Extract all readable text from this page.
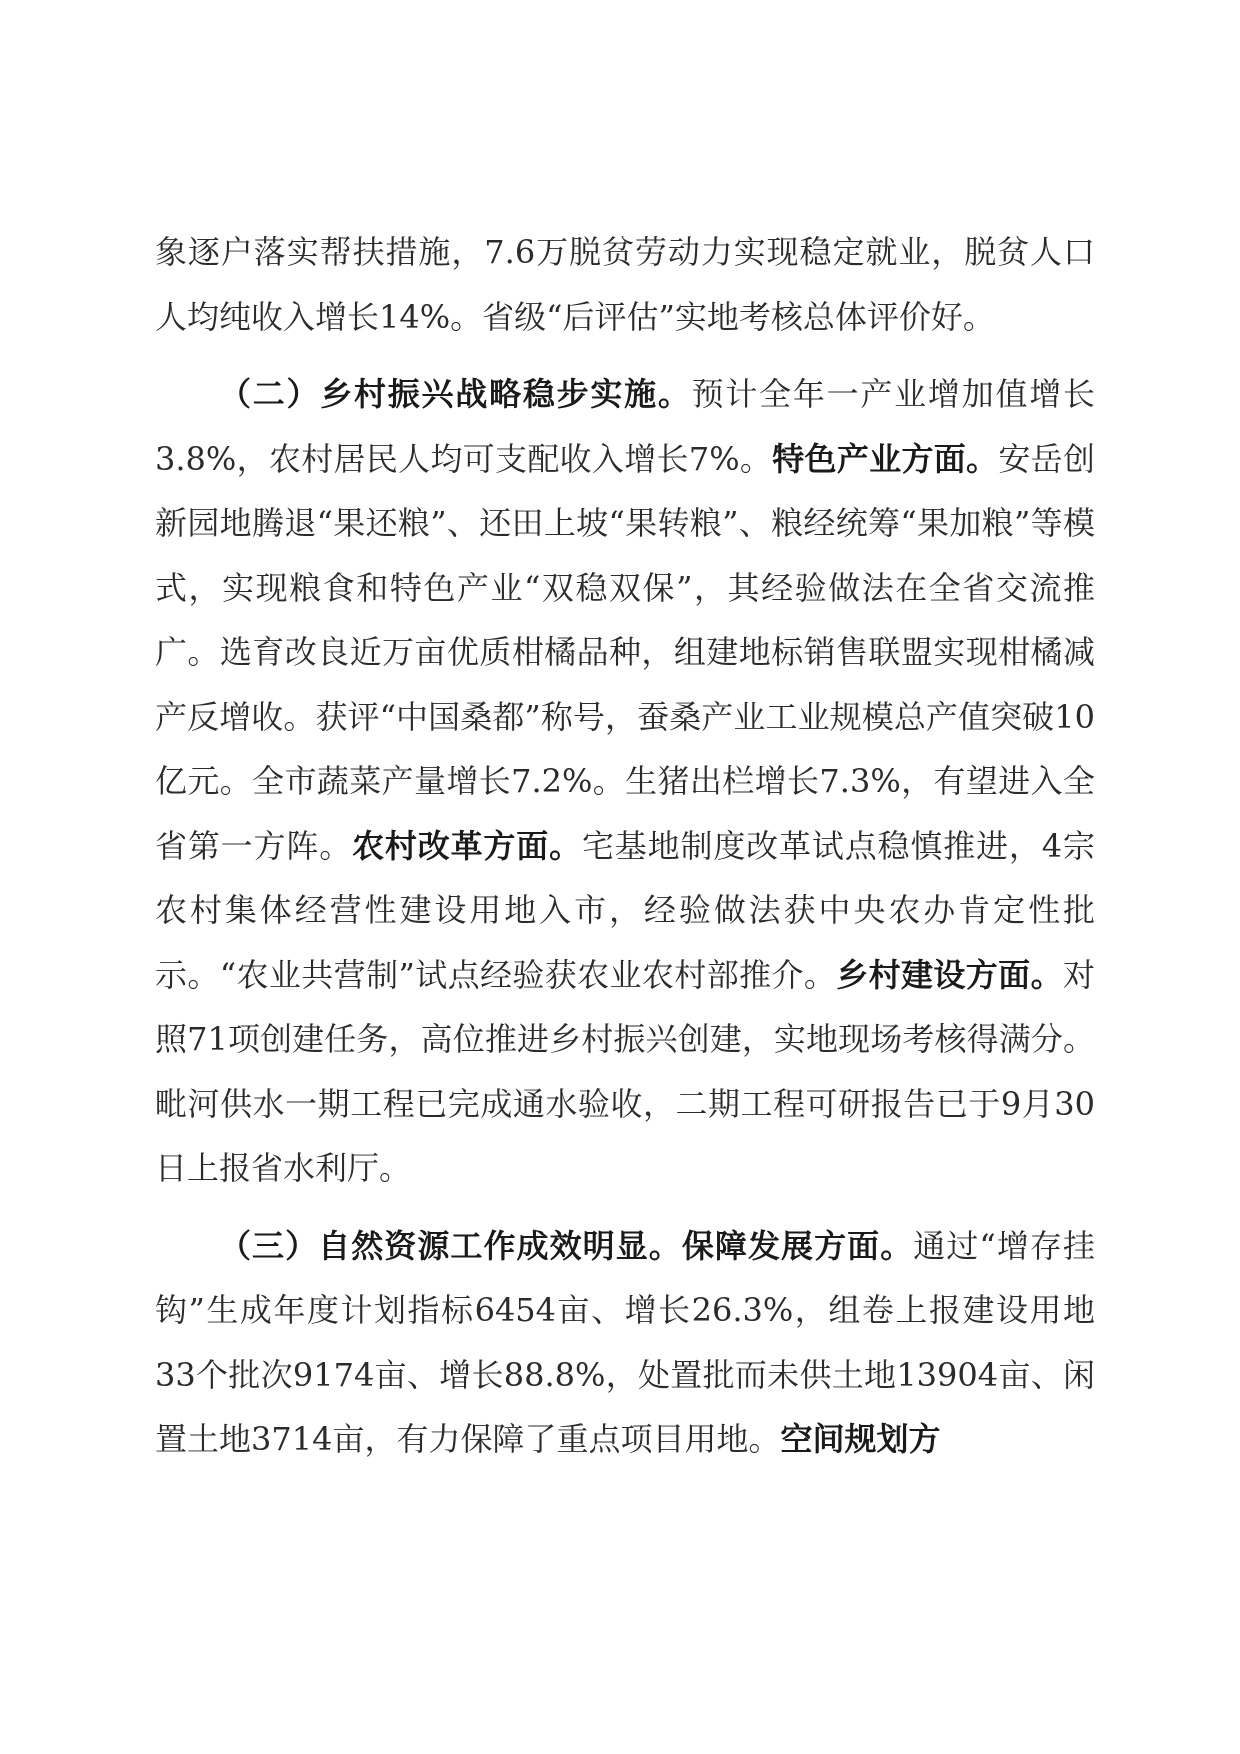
象逐户落实帮扶措施，7.6万脱贫劳动力实现稳定就业，脱贫人口人均纯收入增长14%。省级“后评估”实地考核总体评价好。

（二）乡村振兴战略稳步实施。预计全年一产业增加值增长3.8%，农村居民人均可支配收入增长7%。特色产业方面。安岳创新园地腾退“果还粮”、还田上坡“果转粮”、粮经统筹“果加粮”等模式，实现粮食和特色产业“双稳双保”，其经验做法在全省交流推广。选育改良近万亩优质柑橘品种，组建地标销售联盟实现柑橘减产反增收。获评“中国桑都”称号，蚕桑产业工业规模总产值突破10亿元。全市蔬菜产量增长7.2%。生猪出栏增长7.3%，有望进入全省第一方阵。农村改革方面。宅基地制度改革试点稳慎推进，4宗农村集体经营性建设用地入市，经验做法获中央农办肯定性批示。“农业共营制”试点经验获农业农村部推介。乡村建设方面。对照71项创建任务，高位推进乡村振兴创建，实地现场考核得满分。毗河供水一期工程已完成通水验收，二期工程可研报告已于9月30日上报省水利厅。

（三）自然资源工作成效明显。保障发展方面。通过“增存挂钩”生成年度计划指标6454亩、增长26.3%，组卷上报建设用地33个批次9174亩、增长88.8%，处置批而未供土地13904亩、闲置土地3714亩，有力保障了重点项目用地。空间规划方
